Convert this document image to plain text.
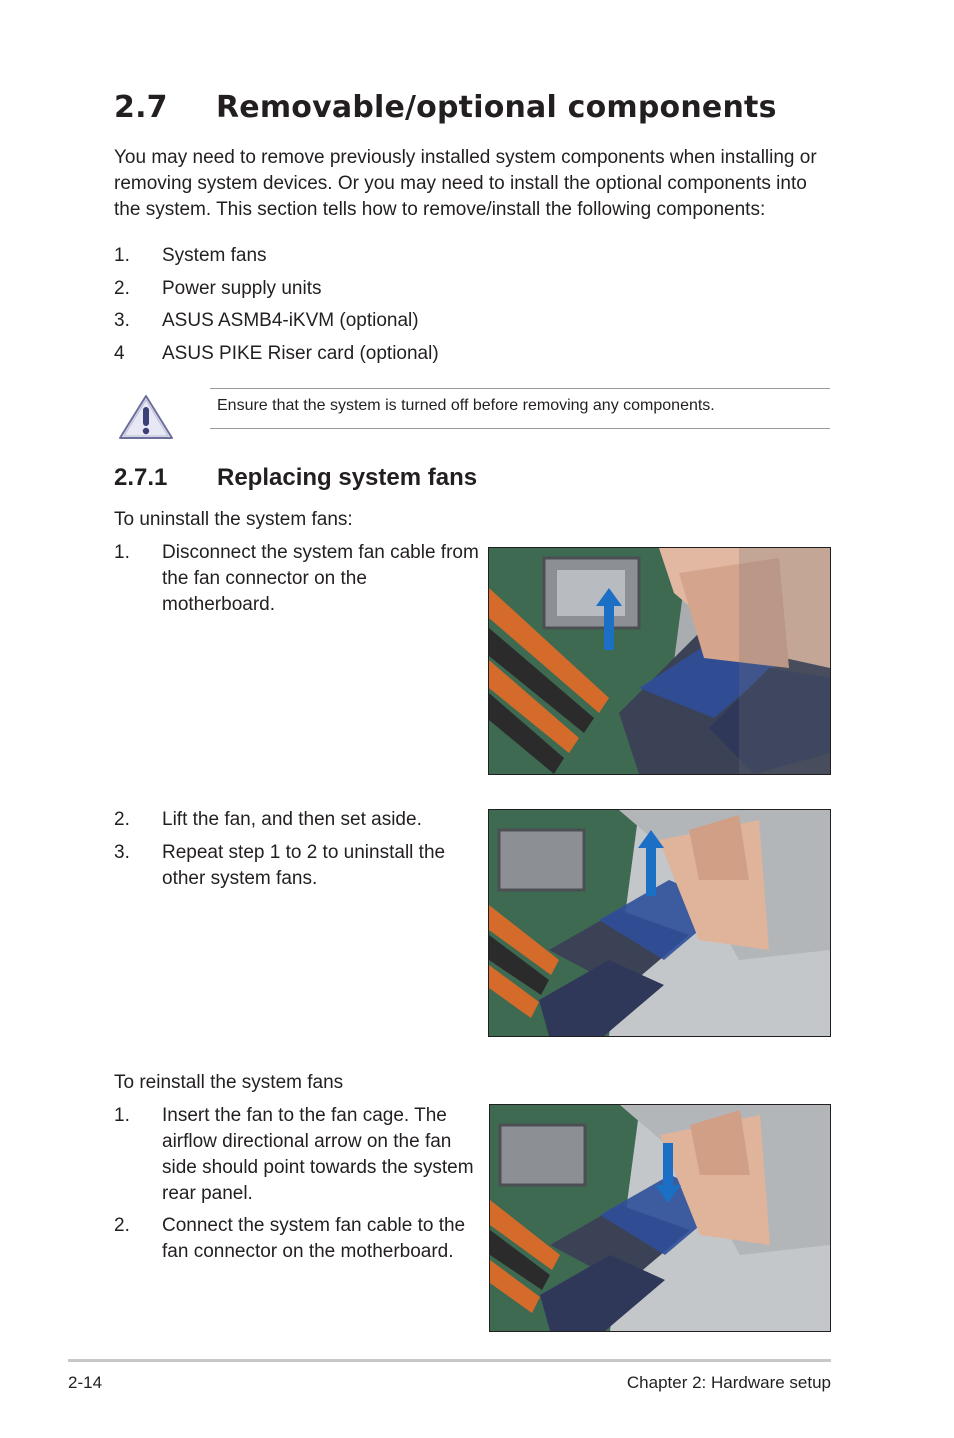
2.7 Removable/optional components
You may need to remove previously installed system components when installing or removing system devices. Or you may need to install the optional components into the system. This section tells how to remove/install the following components:
1. System fans
2. Power supply units
3. ASUS ASMB4-iKVM (optional)
4 ASUS PIKE Riser card (optional)
Ensure that the system is turned off before removing any components.
2.7.1 Replacing system fans
To uninstall the system fans:
1. Disconnect the system fan cable from the fan connector on the motherboard.
2. Lift the fan, and then set aside.
3. Repeat step 1 to 2 to uninstall the other system fans.
To reinstall the system fans
1. Insert the fan to the fan cage. The airflow directional arrow on the fan side should point towards the system rear panel.
2. Connect the system fan cable to the fan connector on the motherboard.
2-14	Chapter 2: Hardware setup
